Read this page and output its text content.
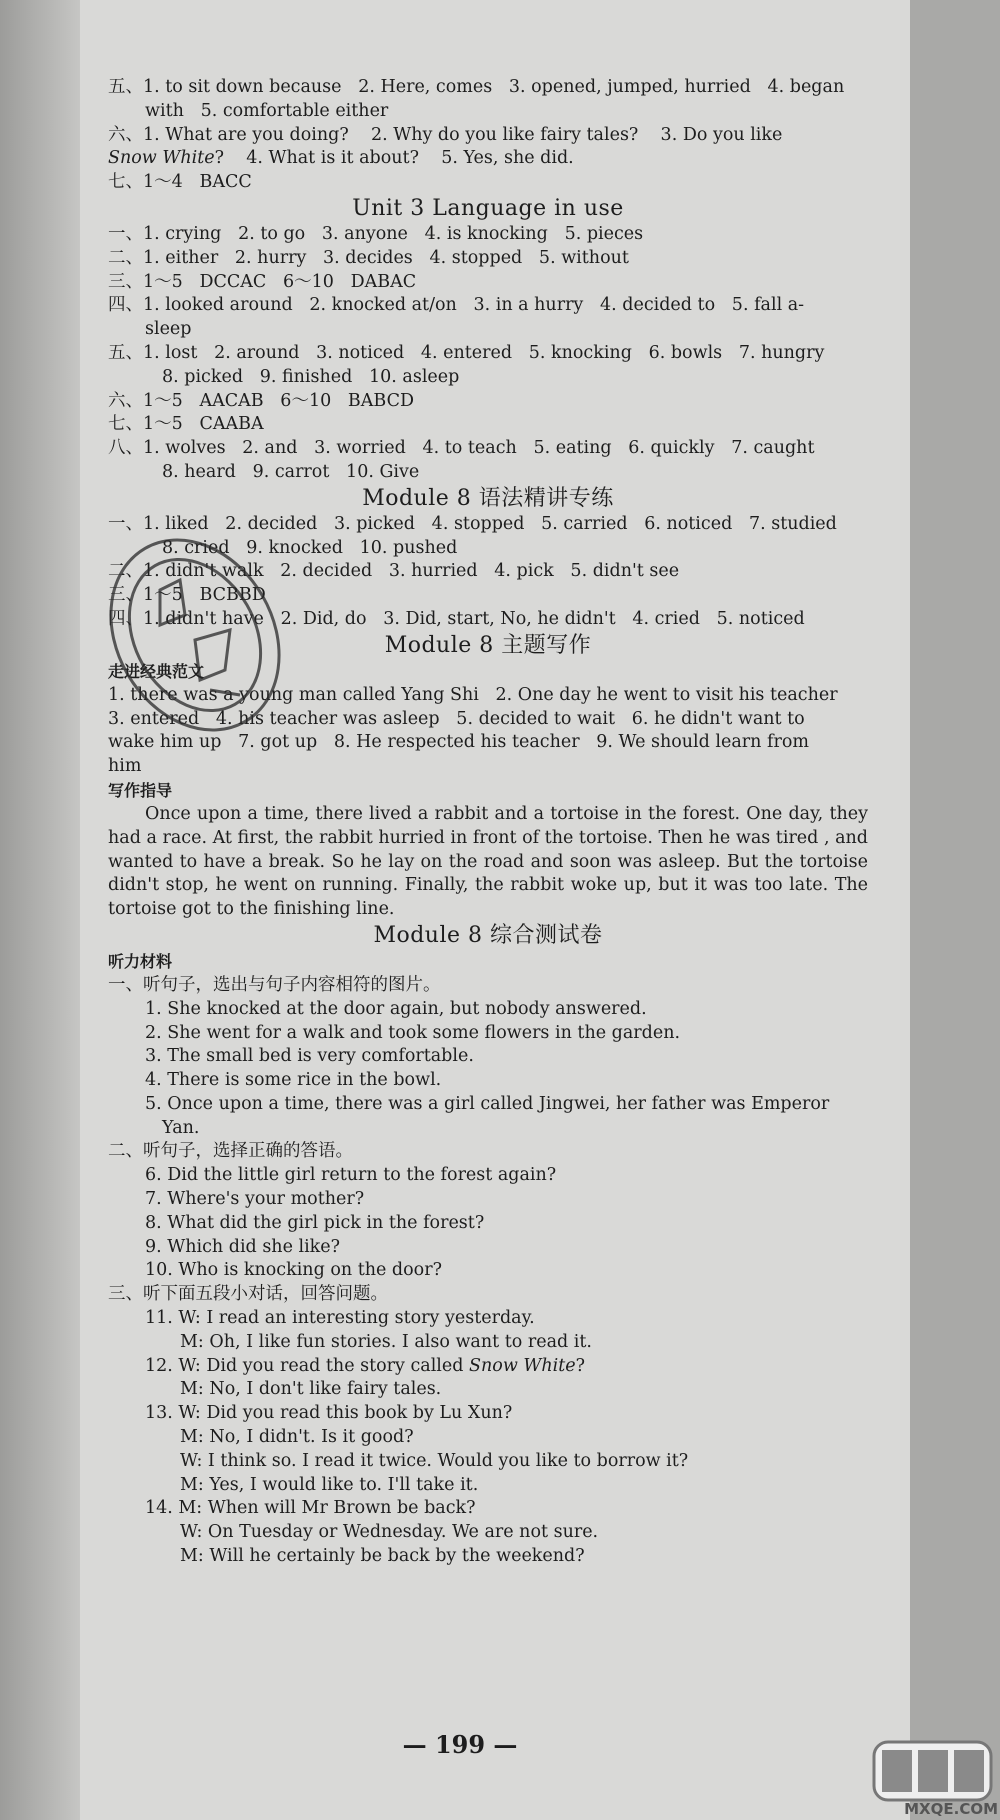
五、1. to sit down because   2. Here, comes   3. opened, jumped, hurried   4. began
with   5. comfortable either
六、1. What are you doing?    2. Why do you like fairy tales?    3. Do you like
Snow White?    4. What is it about?    5. Yes, she did.
七、1～4   BACC
Unit 3 Language in use
一、1. crying   2. to go   3. anyone   4. is knocking   5. pieces
二、1. either   2. hurry   3. decides   4. stopped   5. without
三、1～5   DCCAC   6～10   DABAC
四、1. looked around   2. knocked at/on   3. in a hurry   4. decided to   5. fall a-
sleep
五、1. lost   2. around   3. noticed   4. entered   5. knocking   6. bowls   7. hungry
8. picked   9. finished   10. asleep
六、1～5   AACAB   6～10   BABCD
七、1～5   CAABA
八、1. wolves   2. and   3. worried   4. to teach   5. eating   6. quickly   7. caught
8. heard   9. carrot   10. Give
Module 8 语法精讲专练
一、1. liked   2. decided   3. picked   4. stopped   5. carried   6. noticed   7. studied
8. cried   9. knocked   10. pushed
二、1. didn't walk   2. decided   3. hurried   4. pick   5. didn't see
三、1～5   BCBBD
四、1. didn't have   2. Did, do   3. Did, start, No, he didn't   4. cried   5. noticed
Module 8 主题写作
走进经典范文
1. there was a young man called Yang Shi   2. One day he went to visit his teacher
3. entered   4. his teacher was asleep   5. decided to wait   6. he didn't want to
wake him up   7. got up   8. He respected his teacher   9. We should learn from
him
写作指导
Once upon a time, there lived a rabbit and a tortoise in the forest. One day, they had a race. At first, the rabbit hurried in front of the tortoise. Then he was tired , and wanted to have a break. So he lay on the road and soon was asleep. But the tortoise didn't stop, he went on running. Finally, the rabbit woke up, but it was too late. The tortoise got to the finishing line.
Module 8 综合测试卷
听力材料
一、听句子，选出与句子内容相符的图片。
1. She knocked at the door again, but nobody answered.
2. She went for a walk and took some flowers in the garden.
3. The small bed is very comfortable.
4. There is some rice in the bowl.
5. Once upon a time, there was a girl called Jingwei, her father was Emperor
Yan.
二、听句子，选择正确的答语。
6. Did the little girl return to the forest again?
7. Where's your mother?
8. What did the girl pick in the forest?
9. Which did she like?
10. Who is knocking on the door?
三、听下面五段小对话，回答问题。
11. W: I read an interesting story yesterday.
M: Oh, I like fun stories. I also want to read it.
12. W: Did you read the story called Snow White?
M: No, I don't like fairy tales.
13. W: Did you read this book by Lu Xun?
M: No, I didn't. Is it good?
W: I think so. I read it twice. Would you like to borrow it?
M: Yes, I would like to. I'll take it.
14. M: When will Mr Brown be back?
W: On Tuesday or Wednesday. We are not sure.
M: Will he certainly be back by the weekend?
— 199 —
MXQE.COM
